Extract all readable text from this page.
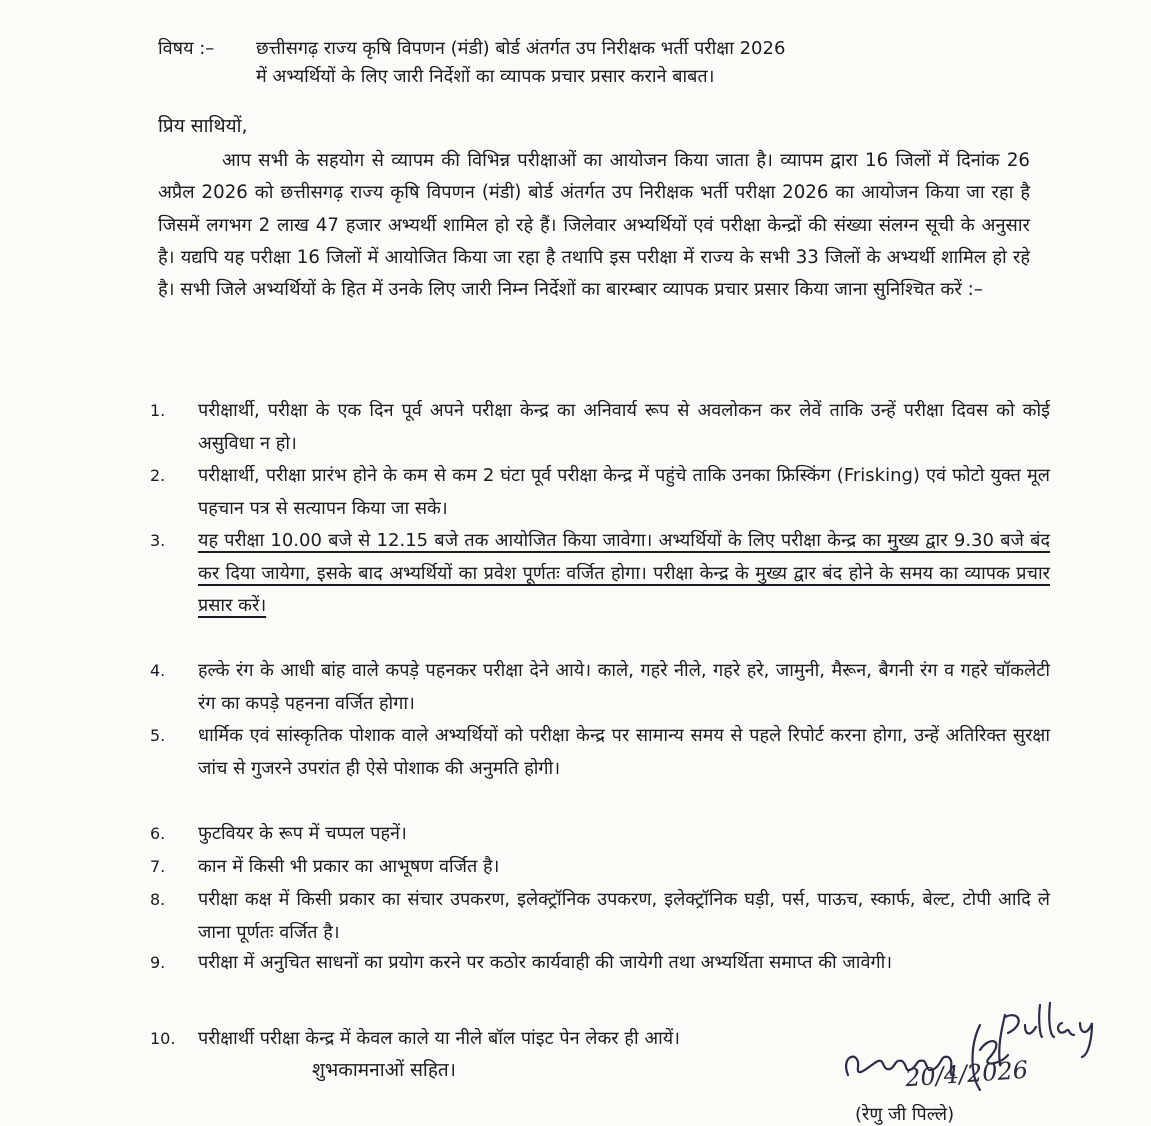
विषय :– छत्तीसगढ़ राज्य कृषि विपणन (मंडी) बोर्ड अंतर्गत उप निरीक्षक भर्ती परीक्षा 2026
में अभ्यर्थियों के लिए जारी निर्देशों का व्यापक प्रचार प्रसार कराने बाबत।
प्रिय साथियों,

आप सभी के सहयोग से व्यापम की विभिन्न परीक्षाओं का आयोजन किया जाता है। व्यापम द्वारा 16 जिलों में दिनांक 26 अप्रैल 2026 को छत्तीसगढ़ राज्य कृषि विपणन (मंडी) बोर्ड अंतर्गत उप निरीक्षक भर्ती परीक्षा 2026 का आयोजन किया जा रहा है जिसमें लगभग 2 लाख 47 हजार अभ्यर्थी शामिल हो रहे हैं। जिलेवार अभ्यर्थियों एवं परीक्षा केन्द्रों की संख्या संलग्न सूची के अनुसार है। यद्यपि यह परीक्षा 16 जिलों में आयोजित किया जा रहा है तथापि इस परीक्षा में राज्य के सभी 33 जिलों के अभ्यर्थी शामिल हो रहे है। सभी जिले अभ्यर्थियों के हित में उनके लिए जारी निम्न निर्देशों का बारम्बार व्यापक प्रचार प्रसार किया जाना सुनिश्चित करें :–

1.	परीक्षार्थी, परीक्षा के एक दिन पूर्व अपने परीक्षा केन्द्र का अनिवार्य रूप से अवलोकन कर लेवें ताकि उन्हें परीक्षा दिवस को कोई असुविधा न हो।

2.	परीक्षार्थी, परीक्षा प्रारंभ होने के कम से कम 2 घंटा पूर्व परीक्षा केन्द्र में पहुंचे ताकि उनका फ्रिस्किंग (Frisking) एवं फोटो युक्त मूल पहचान पत्र से सत्यापन किया जा सके।

3.	यह परीक्षा 10.00 बजे से 12.15 बजे तक आयोजित किया जावेगा। अभ्यर्थियों के लिए परीक्षा केन्द्र का मुख्य द्वार 9.30 बजे बंद कर दिया जायेगा, इसके बाद अभ्यर्थियों का प्रवेश पूर्णतः वर्जित होगा। परीक्षा केन्द्र के मुख्य द्वार बंद होने के समय का व्यापक प्रचार प्रसार करें।

4.	हल्के रंग के आधी बांह वाले कपड़े पहनकर परीक्षा देने आये। काले, गहरे नीले, गहरे हरे, जामुनी, मैरून, बैगनी रंग व गहरे चॉकलेटी रंग का कपड़े पहनना वर्जित होगा।

5.	धार्मिक एवं सांस्कृतिक पोशाक वाले अभ्यर्थियों को परीक्षा केन्द्र पर सामान्य समय से पहले रिपोर्ट करना होगा, उन्हें अतिरिक्त सुरक्षा जांच से गुजरने उपरांत ही ऐसे पोशाक की अनुमति होगी।

6.	फुटवियर के रूप में चप्पल पहनें।

7.	कान में किसी भी प्रकार का आभूषण वर्जित है।

8.	परीक्षा कक्ष में किसी प्रकार का संचार उपकरण, इलेक्ट्रॉनिक उपकरण, इलेक्ट्रॉनिक घड़ी, पर्स, पाऊच, स्कार्फ, बेल्ट, टोपी आदि ले जाना पूर्णतः वर्जित है।

9.	परीक्षा में अनुचित साधनों का प्रयोग करने पर कठोर कार्यवाही की जायेगी तथा अभ्यर्थिता समाप्त की जावेगी।

10.	परीक्षार्थी परीक्षा केन्द्र में केवल काले या नीले बॉल पांइट पेन लेकर ही आयें।

शुभकामनाओं सहित।	20/4/2026
(रेणु जी पिल्ले)
